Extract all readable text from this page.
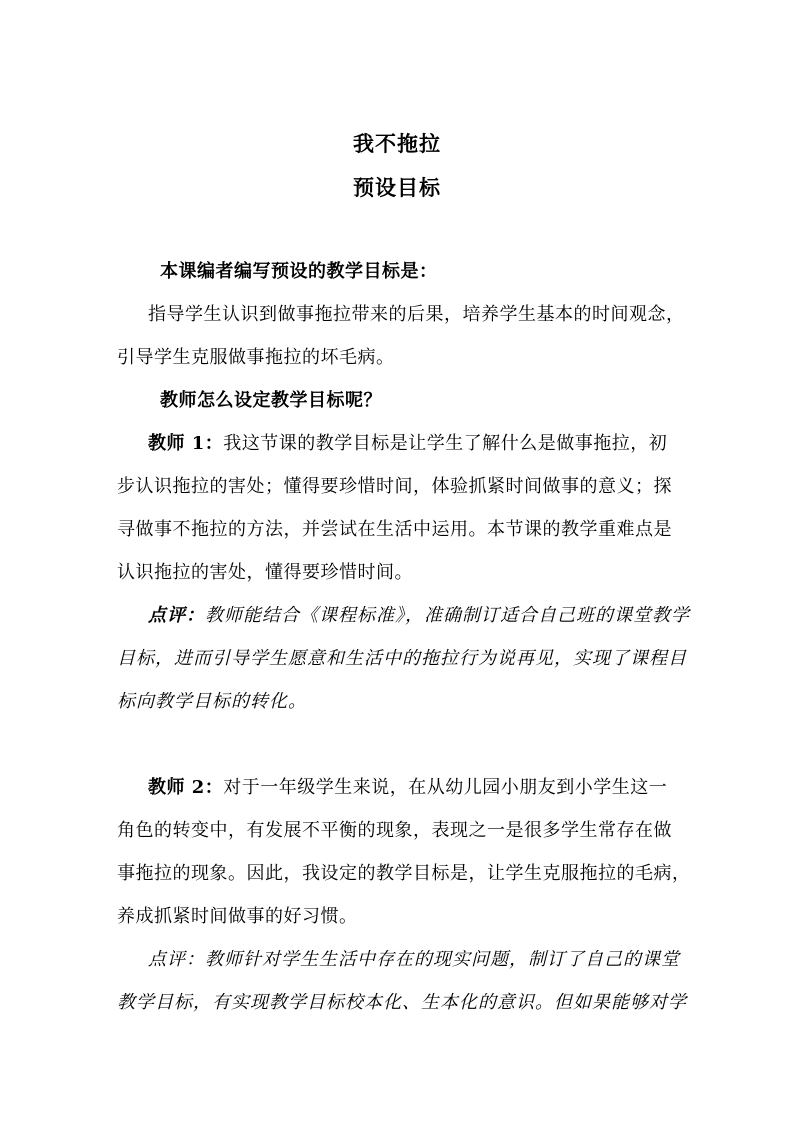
我不拖拉
预设目标
本课编者编写预设的教学目标是：
指导学生认识到做事拖拉带来的后果，培养学生基本的时间观念，
引导学生克服做事拖拉的坏毛病。
教师怎么设定教学目标呢？
教师 1：我这节课的教学目标是让学生了解什么是做事拖拉，初
步认识拖拉的害处；懂得要珍惜时间，体验抓紧时间做事的意义；探
寻做事不拖拉的方法，并尝试在生活中运用。本节课的教学重难点是
认识拖拉的害处，懂得要珍惜时间。
点评：教师能结合《课程标准》，准确制订适合自己班的课堂教学
目标，进而引导学生愿意和生活中的拖拉行为说再见，实现了课程目
标向教学目标的转化。
教师 2：对于一年级学生来说，在从幼儿园小朋友到小学生这一
角色的转变中，有发展不平衡的现象，表现之一是很多学生常存在做
事拖拉的现象。因此，我设定的教学目标是，让学生克服拖拉的毛病，
养成抓紧时间做事的好习惯。
点评：教师针对学生生活中存在的现实问题，制订了自己的课堂
教学目标，有实现教学目标校本化、生本化的意识。但如果能够对学
